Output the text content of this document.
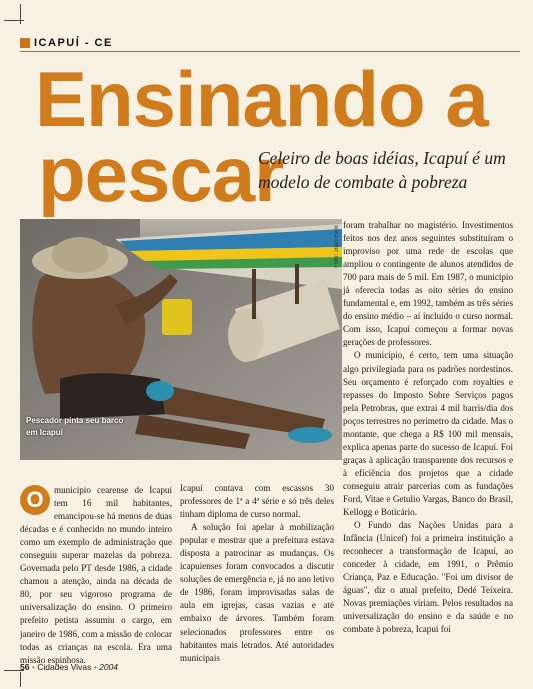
ICAPUÍ - CE
Ensinando a
pescar
Celeiro de boas idéias, Icapuí é um modelo de combate à pobreza
Pescador pinta seu barco em Icapuí
Foto: João Félix

O	município cearense de Icapuí tem 16 mil habitantes, emancipou-se há menos de duas décadas e é conhecido no mundo inteiro como um exemplo de administração que conseguiu superar mazelas da pobreza. Governada pelo PT desde 1986, a cidade chamou a atenção, ainda na década de 80, por seu vigoroso programa de universalização do ensino. O primeiro prefeito petista assumiu o cargo, em janeiro de 1986, com a missão de colocar todas as crianças na escola. Era uma missão espinhosa.

Icapuí contava com escassos 30 professores de 1ª a 4ª série e só três deles tinham diploma de curso normal.

A solução foi apelar à mobilização popular e mostrar que a prefeitura estava disposta a patrocinar as mudanças. Os icapuienses foram convocados a discutir soluções de emergência e, já no ano letivo de 1986, foram improvisadas salas de aula em igrejas, casas vazias e até embaixo de árvores. Também foram selecionados professores entre os habitantes mais letrados. Até autoridades municipais

foram trabalhar no magistério. Investimentos feitos nos dez anos seguintes substituíram o improviso por uma rede de escolas que ampliou o contingente de alunos atendidos de 700 para mais de 5 mil. Em 1987, o município já oferecia todas as oito séries do ensino fundamental e, em 1992, também as três séries do ensino médio – aí incluído o curso normal. Com isso, Icapuí começou a formar novas gerações de professores.

O município, é certo, tem uma situação algo privilegiada para os padrões nordestinos. Seu orçamento é reforçado com royalties e repasses do Imposto Sobre Serviços pagos pela Petrobras, que extrai 4 mil barris/dia dos poços terrestres no perímetro da cidade. Mas o montante, que chega a R$ 100 mil mensais, explica apenas parte do sucesso de Icapuí. Foi graças à aplicação transparente dos recursos e à eficiência dos projetos que a cidade conseguiu atrair parcerias com as fundações Ford, Vitae e Getulio Vargas, Banco do Brasil, Kellogg e Boticário.

O Fundo das Nações Unidas para a Infância (Unicef) foi a primeira instituição a reconhecer a transformação de Icapuí, ao conceder à cidade, em 1991, o Prêmio Criança, Paz e Educação. "Foi um divisor de águas", diz o atual prefeito, Dedé Teixeira. Novas premiações viriam. Pelos resultados na universalização do ensino e da saúde e no combate à pobreza, Icapuí foi

56 • Cidades Vivas • 2004
